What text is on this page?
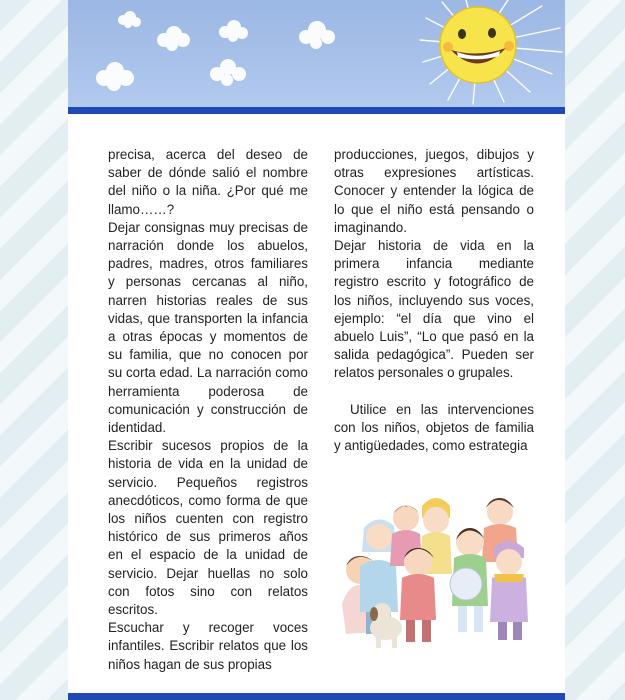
precisa, acerca del deseo de saber de dónde salió el nombre del niño o la niña. ¿Por qué me llamo……?

Dejar consignas muy precisas de narración donde los abuelos, padres, madres, otros familiares y personas cercanas al niño, narren historias reales de sus vidas, que transporten la infancia a otras épocas y momentos de su familia, que no conocen por su corta edad. La narración como herramienta poderosa de comunicación y construcción de identidad.

Escribir sucesos propios de la historia de vida en la unidad de servicio. Pequeños registros anecdóticos, como forma de que los niños cuenten con registro histórico de sus primeros años en el espacio de la unidad de servicio. Dejar huellas no solo con fotos sino con relatos escritos.

Escuchar y recoger voces infantiles. Escribir relatos que los niños hagan de sus propias

producciones, juegos, dibujos y otras expresiones artísticas. Conocer y entender la lógica de lo que el niño está pensando o imaginando.

Dejar historia de vida en la primera infancia mediante registro escrito y fotográfico de los niños, incluyendo sus voces, ejemplo: “el día que vino el abuelo Luis”, “Lo que pasó en la salida pedagógica”. Pueden ser relatos personales o grupales.

Utilice en las intervenciones con los niños, objetos de familia y antigüedades, como estrategia
